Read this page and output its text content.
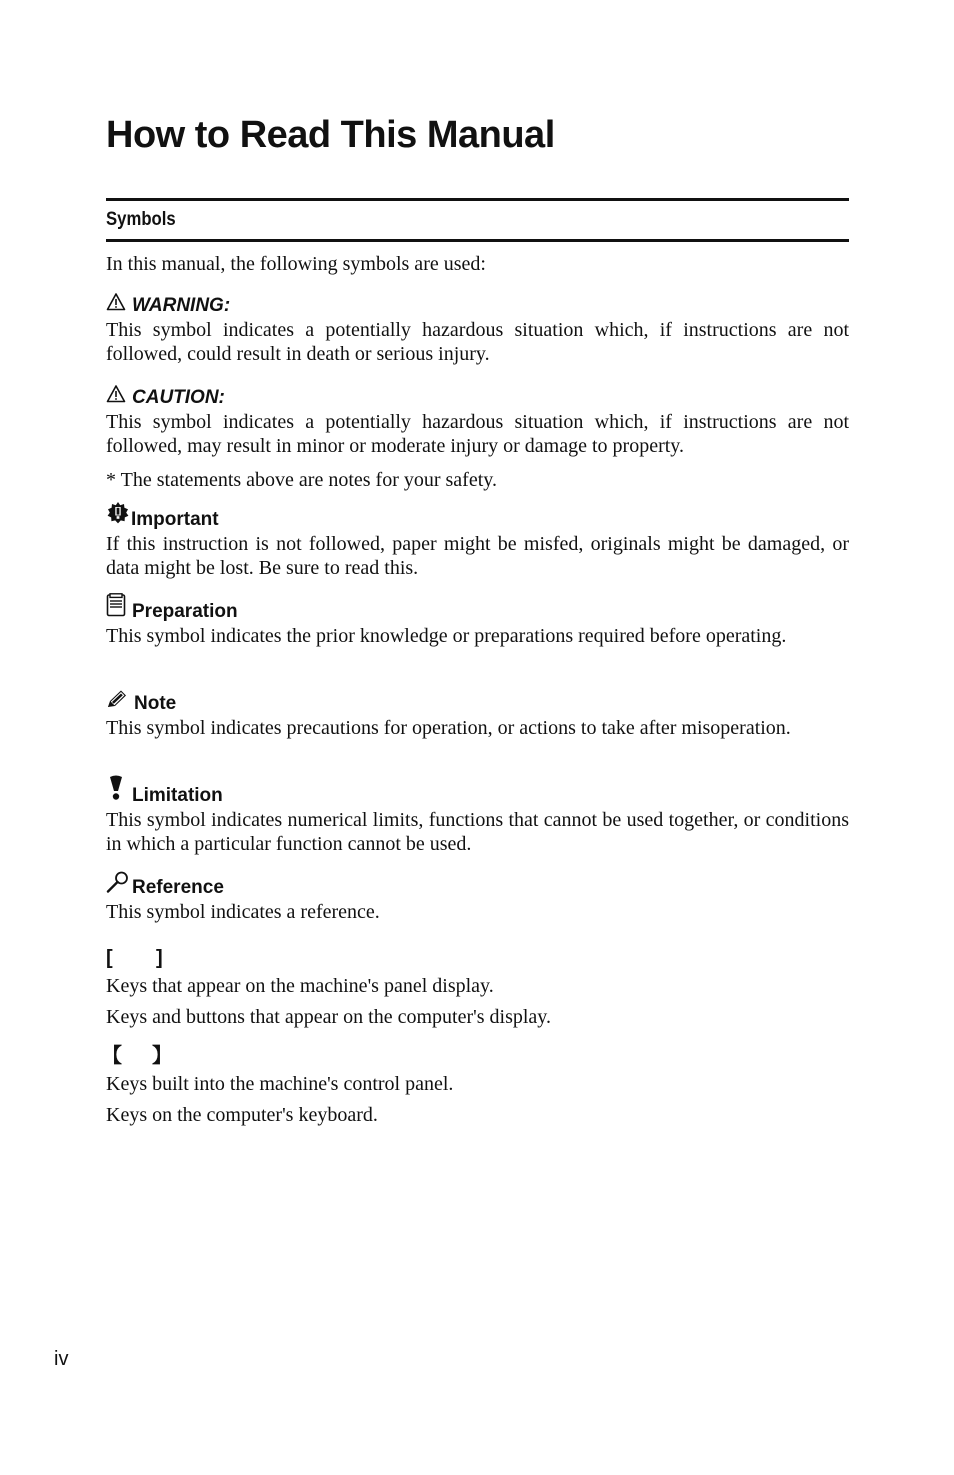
How to Read This Manual
Symbols

In this manual, the following symbols are used:

WARNING:

This symbol indicates a potentially hazardous situation which, if instructions are not followed, could result in death or serious injury.

CAUTION:

This symbol indicates a potentially hazardous situation which, if instructions are not followed, may result in minor or moderate injury or damage to property.

* The statements above are notes for your safety.

Important

If this instruction is not followed, paper might be misfed, originals might be damaged, or data might be lost. Be sure to read this.

Preparation

This symbol indicates the prior knowledge or preparations required before operating.

Note

This symbol indicates precautions for operation, or actions to take after misoperation.

Limitation

This symbol indicates numerical limits, functions that cannot be used together, or conditions in which a particular function cannot be used.

Reference

This symbol indicates a reference.

[	]

Keys that appear on the machine's panel display.

Keys and buttons that appear on the computer's display.

【	】

Keys built into the machine's control panel.

Keys on the computer's keyboard.

iv
